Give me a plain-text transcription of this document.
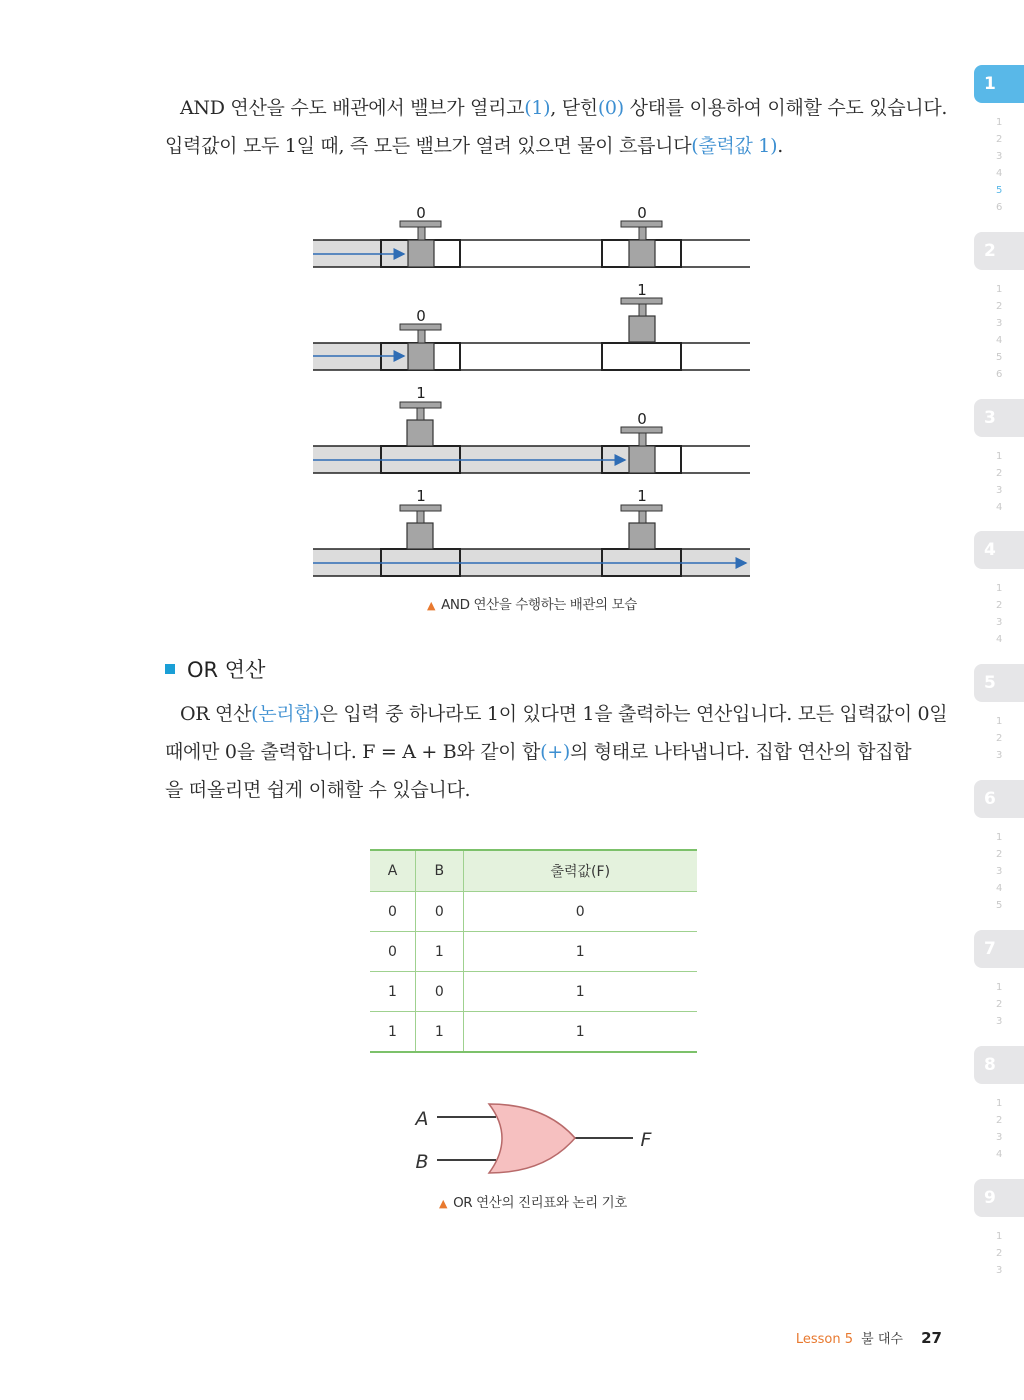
AND 연산을 수도 배관에서 밸브가 열리고(1), 닫힌(0) 상태를 이용하여 이해할 수도 있습니다.
입력값이 모두 1일 때, 즉 모든 밸브가 열려 있으면 물이 흐릅니다(출력값 1).
0	0
0
1
1
0
1	1
▲ AND 연산을 수행하는 배관의 모습
OR 연산
OR 연산(논리합)은 입력 중 하나라도 1이 있다면 1을 출력하는 연산입니다. 모든 입력값이 0일
때에만 0을 출력합니다. F = A + B와 같이 합(+)의 형태로 나타냅니다. 집합 연산의 합집합
을 떠올리면 쉽게 이해할 수 있습니다.
A	B	출력값(F)
0	0	0
0	1	1
1	0	1
1	1	1
A
B
F
▲ OR 연산의 진리표와 논리 기호
1
1
2
3
4
5
6
2
1
2
3
4
5
6
3
1
2
3
4
4
1
2
3
4
5
1
2
3
6
1
2
3
4
5
7
1
2
3
8
1
2
3
4
9
1
2
3
Lesson 5 불 대수 27
